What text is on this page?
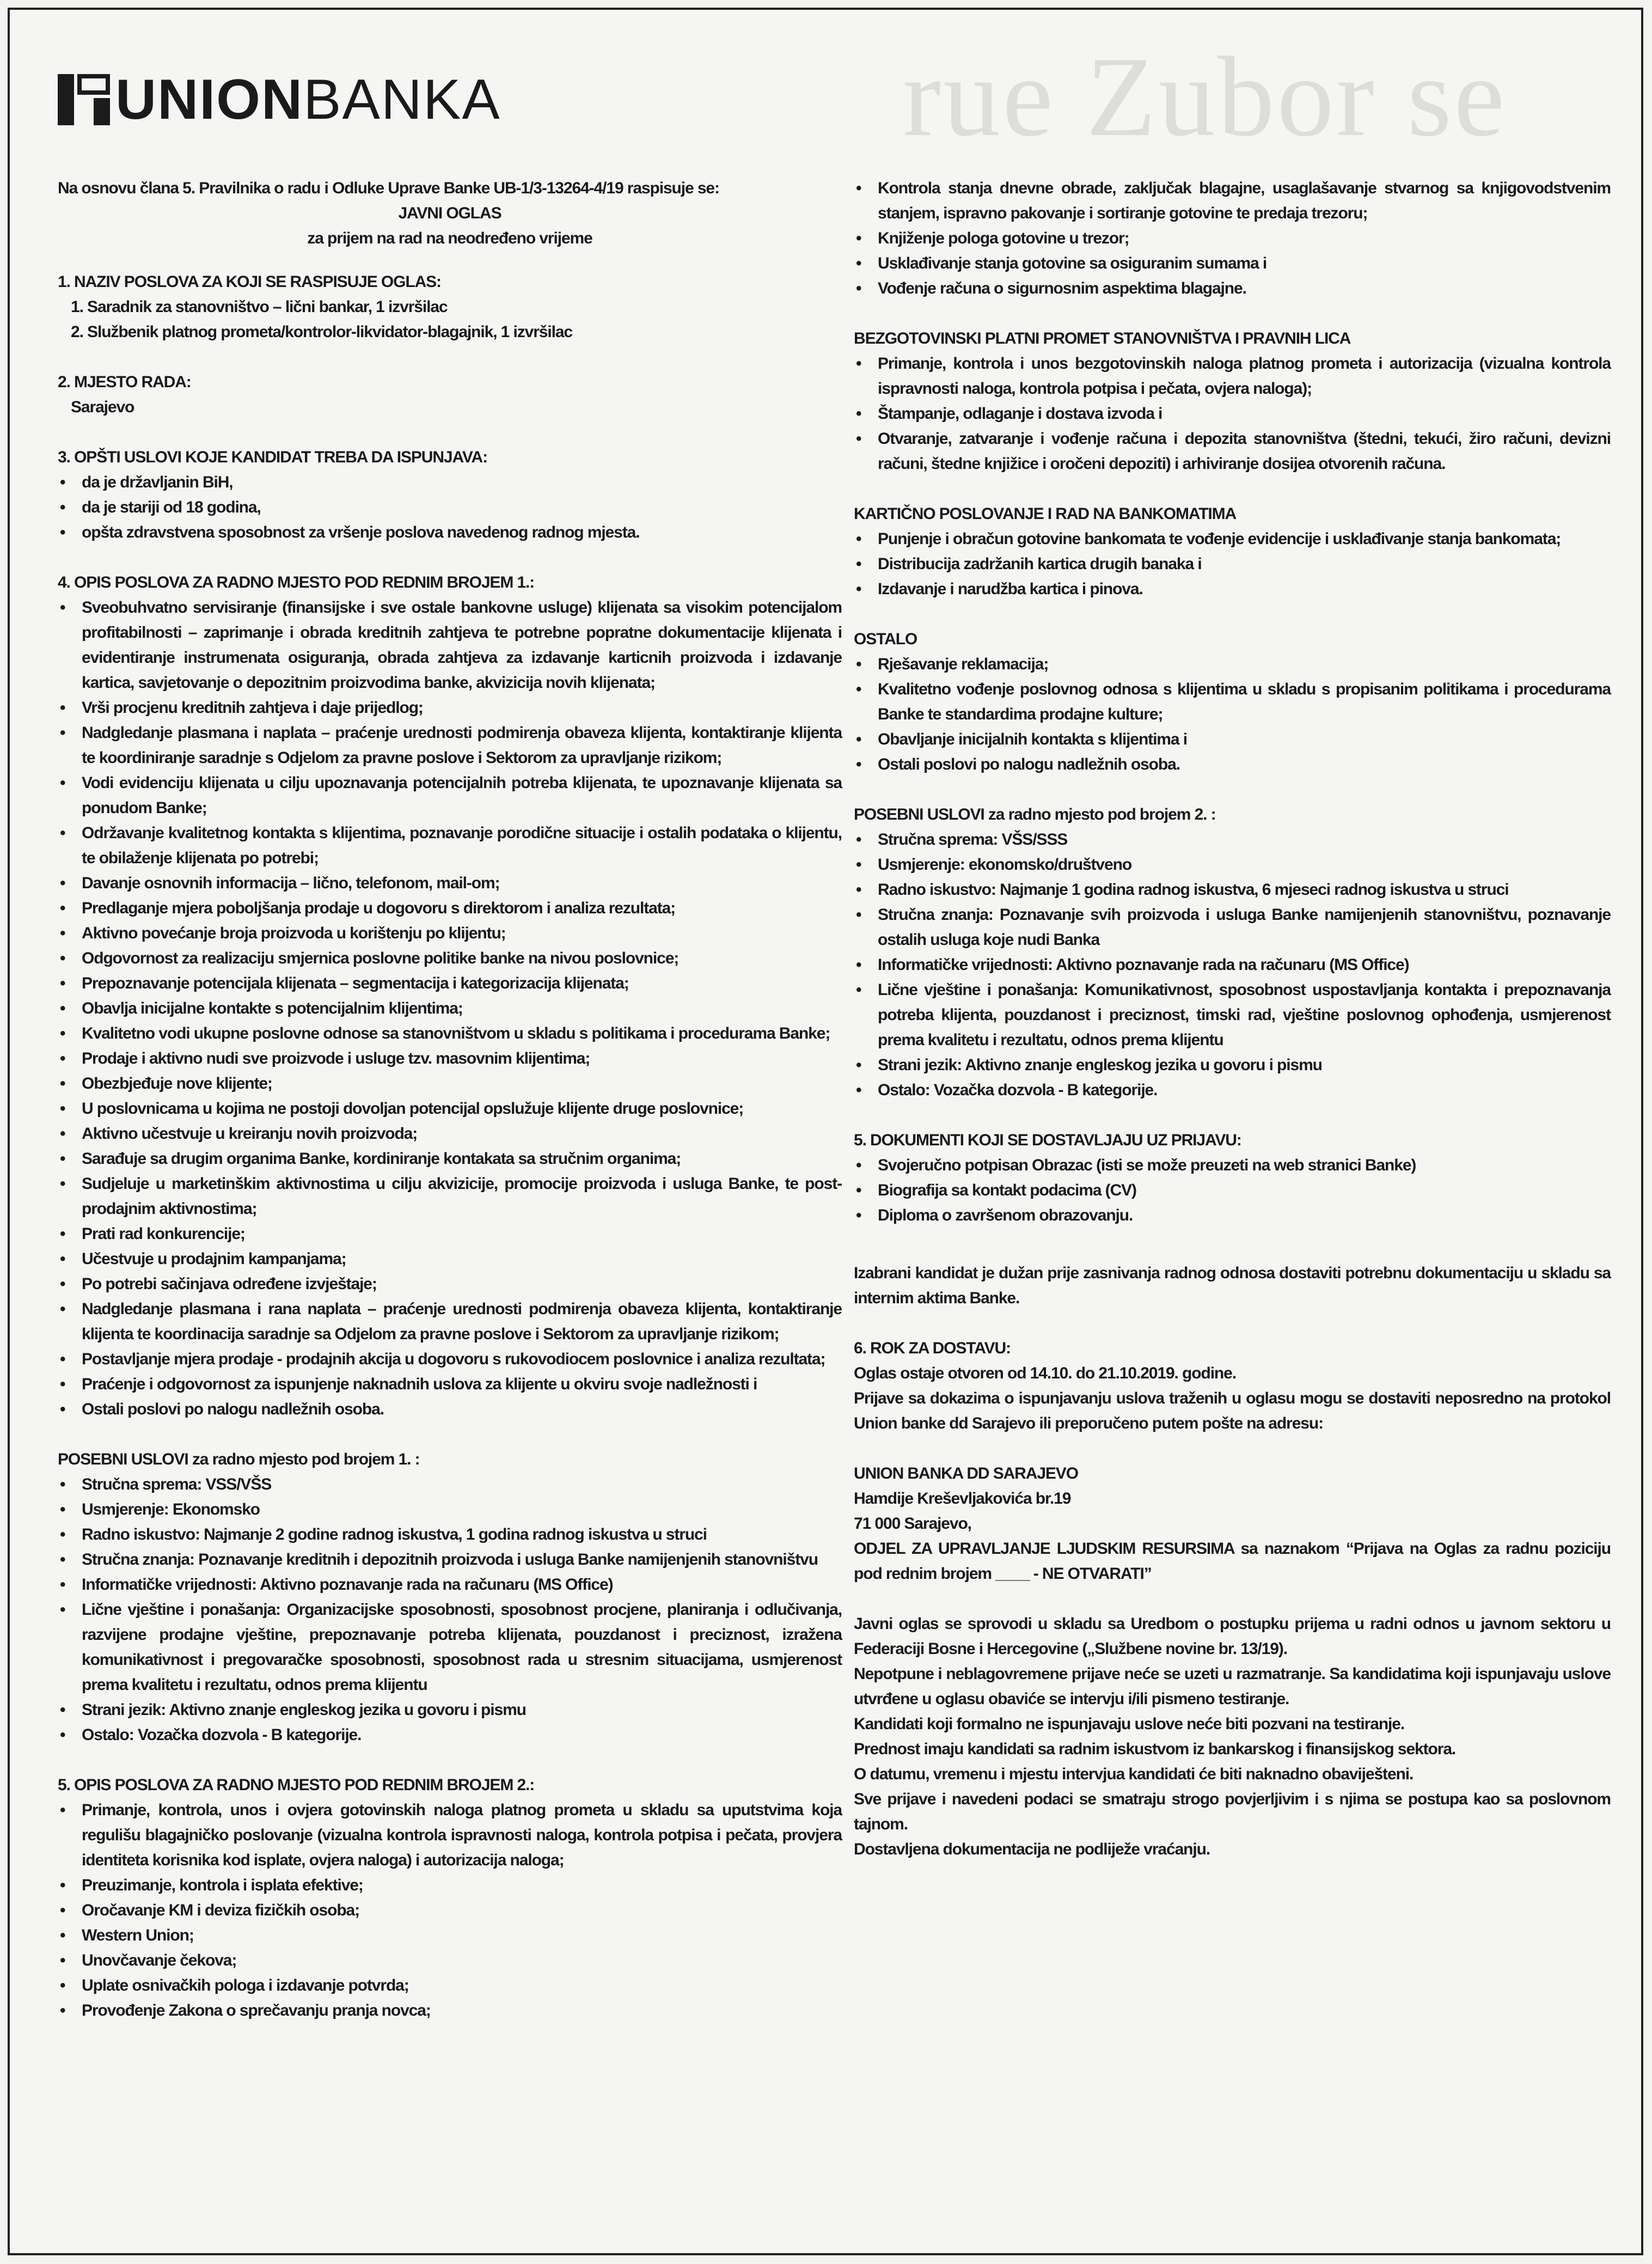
rue Zubor se
UNIONBANKA

Na osnovu člana 5. Pravilnika o radu i Odluke Uprave Banke UB-1/3-13264-4/19 raspisuje se:

JAVNI OGLAS
za prijem na rad na neodređeno vrijeme
1. NAZIV POSLOVA ZA KOJI SE RASPISUJE OGLAS:
1. Saradnik za stanovništvo – lični bankar, 1 izvršilac
2. Službenik platnog prometa/kontrolor-likvidator-blagajnik, 1 izvršilac
2. MJESTO RADA:
Sarajevo
3. OPŠTI USLOVI KOJE KANDIDAT TREBA DA ISPUNJAVA:
• da je državljanin BiH,
• da je stariji od 18 godina,
• opšta zdravstvena sposobnost za vršenje poslova navedenog radnog mjesta.
4. OPIS POSLOVA ZA RADNO MJESTO POD REDNIM BROJEM 1.:
• Sveobuhvatno servisiranje (finansijske i sve ostale bankovne usluge) klijenata sa visokim potencijalom profitabilnosti – zaprimanje i obrada kreditnih zahtjeva te potrebne popratne dokumentacije klijenata i evidentiranje instrumenata osiguranja, obrada zahtjeva za izdavanje karticnih proizvoda i izdavanje kartica, savjetovanje o depozitnim proizvodima banke, akvizicija novih klijenata;
• Vrši procjenu kreditnih zahtjeva i daje prijedlog;
• Nadgledanje plasmana i naplata – praćenje urednosti podmirenja obaveza klijenta, kontaktiranje klijenta te koordiniranje saradnje s Odjelom za pravne poslove i Sektorom za upravljanje rizikom;
• Vodi evidenciju klijenata u cilju upoznavanja potencijalnih potreba klijenata, te upoznavanje klijenata sa ponudom Banke;
• Održavanje kvalitetnog kontakta s klijentima, poznavanje porodične situacije i ostalih podataka o klijentu, te obilaženje klijenata po potrebi;
• Davanje osnovnih informacija – lično, telefonom, mail-om;
• Predlaganje mjera poboljšanja prodaje u dogovoru s direktorom i analiza rezultata;
• Aktivno povećanje broja proizvoda u korištenju po klijentu;
• Odgovornost za realizaciju smjernica poslovne politike banke na nivou poslovnice;
• Prepoznavanje potencijala klijenata – segmentacija i kategorizacija klijenata;
• Obavlja inicijalne kontakte s potencijalnim klijentima;
• Kvalitetno vodi ukupne poslovne odnose sa stanovništvom u skladu s politikama i procedurama Banke;
• Prodaje i aktivno nudi sve proizvode i usluge tzv. masovnim klijentima;
• Obezbjeđuje nove klijente;
• U poslovnicama u kojima ne postoji dovoljan potencijal opslužuje klijente druge poslovnice;
• Aktivno učestvuje u kreiranju novih proizvoda;
• Sarađuje sa drugim organima Banke, kordiniranje kontakata sa stručnim organima;
• Sudjeluje u marketinškim aktivnostima u cilju akvizicije, promocije proizvoda i usluga Banke, te post-prodajnim aktivnostima;
• Prati rad konkurencije;
• Učestvuje u prodajnim kampanjama;
• Po potrebi sačinjava određene izvještaje;
• Nadgledanje plasmana i rana naplata – praćenje urednosti podmirenja obaveza klijenta, kontaktiranje klijenta te koordinacija saradnje sa Odjelom za pravne poslove i Sektorom za upravljanje rizikom;
• Postavljanje mjera prodaje - prodajnih akcija u dogovoru s rukovodiocem poslovnice i analiza rezultata;
• Praćenje i odgovornost za ispunjenje naknadnih uslova za klijente u okviru svoje nadležnosti i
• Ostali poslovi po nalogu nadležnih osoba.
POSEBNI USLOVI za radno mjesto pod brojem 1. :
• Stručna sprema: VSS/VŠS
• Usmjerenje: Ekonomsko
• Radno iskustvo: Najmanje 2 godine radnog iskustva, 1 godina radnog iskustva u struci
• Stručna znanja: Poznavanje kreditnih i depozitnih proizvoda i usluga Banke namijenjenih stanovništvu
• Informatičke vrijednosti: Aktivno poznavanje rada na računaru (MS Office)
• Lične vještine i ponašanja: Organizacijske sposobnosti, sposobnost procjene, planiranja i odlučivanja, razvijene prodajne vještine, prepoznavanje potreba klijenata, pouzdanost i preciznost, izražena komunikativnost i pregovaračke sposobnosti, sposobnost rada u stresnim situacijama, usmjerenost prema kvalitetu i rezultatu, odnos prema klijentu
• Strani jezik: Aktivno znanje engleskog jezika u govoru i pismu
• Ostalo: Vozačka dozvola - B kategorije.
5. OPIS POSLOVA ZA RADNO MJESTO POD REDNIM BROJEM 2.:
• Primanje, kontrola, unos i ovjera gotovinskih naloga platnog prometa u skladu sa uputstvima koja regulišu blagajničko poslovanje (vizualna kontrola ispravnosti naloga, kontrola potpisa i pečata, provjera identiteta korisnika kod isplate, ovjera naloga) i autorizacija naloga;
• Preuzimanje, kontrola i isplata efektive;
• Oročavanje KM i deviza fizičkih osoba;
• Western Union;
• Unovčavanje čekova;
• Uplate osnivačkih pologa i izdavanje potvrda;
• Provođenje Zakona o sprečavanju pranja novca;
• Kontrola stanja dnevne obrade, zaključak blagajne, usaglašavanje stvarnog sa knjigovodstvenim stanjem, ispravno pakovanje i sortiranje gotovine te predaja trezoru;
• Knjiženje pologa gotovine u trezor;
• Usklađivanje stanja gotovine sa osiguranim sumama i
• Vođenje računa o sigurnosnim aspektima blagajne.
BEZGOTOVINSKI PLATNI PROMET STANOVNIŠTVA I PRAVNIH LICA
• Primanje, kontrola i unos bezgotovinskih naloga platnog prometa i autorizacija (vizualna kontrola ispravnosti naloga, kontrola potpisa i pečata, ovjera naloga);
• Štampanje, odlaganje i dostava izvoda i
• Otvaranje, zatvaranje i vođenje računa i depozita stanovništva (štedni, tekući, žiro računi, devizni računi, štedne knjižice i oročeni depoziti) i arhiviranje dosijea otvorenih računa.
KARTIČNO POSLOVANJE I RAD NA BANKOMATIMA
• Punjenje i obračun gotovine bankomata te vođenje evidencije i usklađivanje stanja bankomata;
• Distribucija zadržanih kartica drugih banaka i
• Izdavanje i narudžba kartica i pinova.
OSTALO
• Rješavanje reklamacija;
• Kvalitetno vođenje poslovnog odnosa s klijentima u skladu s propisanim politikama i procedurama Banke te standardima prodajne kulture;
• Obavljanje inicijalnih kontakta s klijentima i
• Ostali poslovi po nalogu nadležnih osoba.
POSEBNI USLOVI za radno mjesto pod brojem 2. :
• Stručna sprema: VŠS/SSS
• Usmjerenje: ekonomsko/društveno
• Radno iskustvo: Najmanje 1 godina radnog iskustva, 6 mjeseci radnog iskustva u struci
• Stručna znanja: Poznavanje svih proizvoda i usluga Banke namijenjenih stanovništvu, poznavanje ostalih usluga koje nudi Banka
• Informatičke vrijednosti: Aktivno poznavanje rada na računaru (MS Office)
• Lične vještine i ponašanja: Komunikativnost, sposobnost uspostavljanja kontakta i prepoznavanja potreba klijenta, pouzdanost i preciznost, timski rad, vještine poslovnog ophođenja, usmjerenost prema kvalitetu i rezultatu, odnos prema klijentu
• Strani jezik: Aktivno znanje engleskog jezika u govoru i pismu
• Ostalo: Vozačka dozvola - B kategorije.
5. DOKUMENTI KOJI SE DOSTAVLJAJU UZ PRIJAVU:
• Svojeručno potpisan Obrazac (isti se može preuzeti na web stranici Banke)
• Biografija sa kontakt podacima (CV)
• Diploma o završenom obrazovanju.

Izabrani kandidat je dužan prije zasnivanja radnog odnosa dostaviti potrebnu dokumentaciju u skladu sa internim aktima Banke.

6. ROK ZA DOSTAVU:

Oglas ostaje otvoren od 14.10. do 21.10.2019. godine.

Prijave sa dokazima o ispunjavanju uslova traženih u oglasu mogu se dostaviti neposredno na protokol Union banke dd Sarajevo ili preporučeno putem pošte na adresu:

UNION BANKA DD SARAJEVO
Hamdije Kreševljakovića br.19
71 000 Sarajevo,
ODJEL ZA UPRAVLJANJE LJUDSKIM RESURSIMA sa naznakom “Prijava na Oglas za radnu poziciju pod rednim brojem ____ - NE OTVARATI”

Javni oglas se sprovodi u skladu sa Uredbom o postupku prijema u radni odnos u javnom sektoru u Federaciji Bosne i Hercegovine („Službene novine br. 13/19).

Nepotpune i neblagovremene prijave neće se uzeti u razmatranje. Sa kandidatima koji ispunjavaju uslove utvrđene u oglasu obaviće se intervju i/ili pismeno testiranje.

Kandidati koji formalno ne ispunjavaju uslove neće biti pozvani na testiranje.

Prednost imaju kandidati sa radnim iskustvom iz bankarskog i finansijskog sektora.

O datumu, vremenu i mjestu intervjua kandidati će biti naknadno obaviješteni.

Sve prijave i navedeni podaci se smatraju strogo povjerljivim i s njima se postupa kao sa poslovnom tajnom.

Dostavljena dokumentacija ne podliježe vraćanju.
